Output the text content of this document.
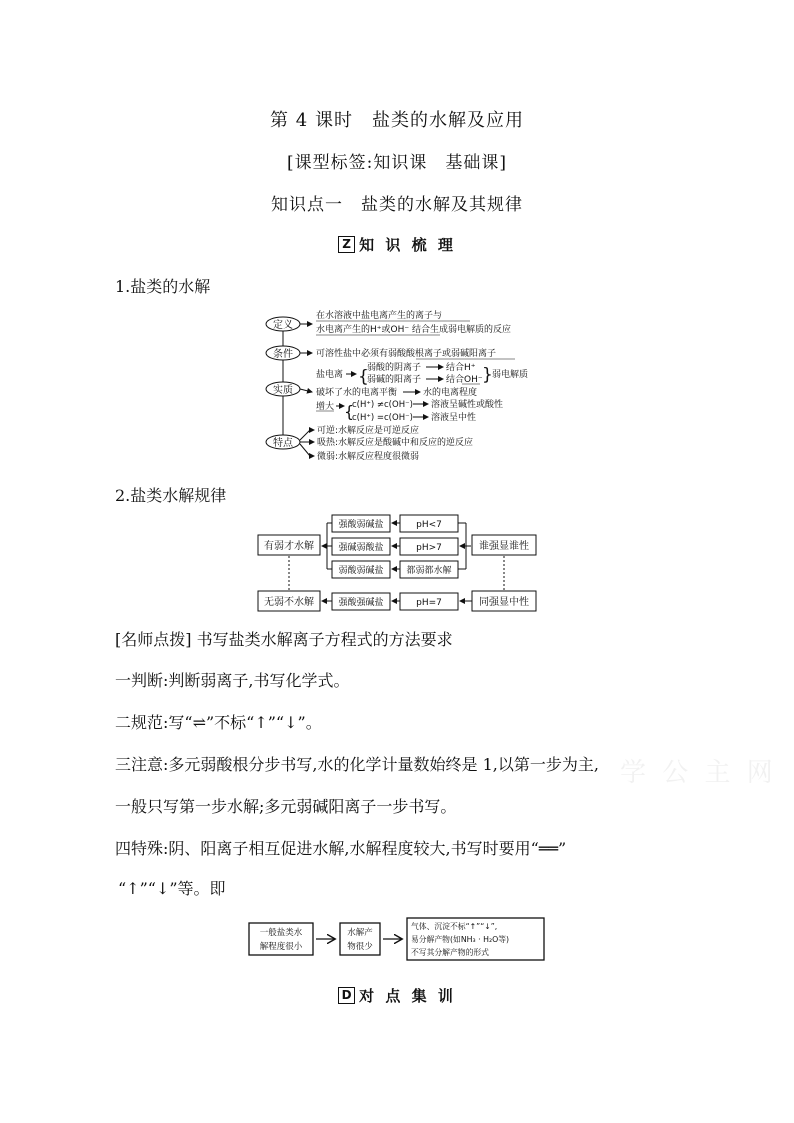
第 4 课时　盐类的水解及应用
[课型标签:知识课　基础课]
知识点一　盐类的水解及其规律
Z 知 识 梳 理
1.盐类的水解
定义
在水溶液中盐电离产生的离子与
水电离产生的H⁺或OH⁻ 结合生成弱电解质的反应
条件	可溶性盐中必须有弱酸酸根离子或弱碱阳离子
实质
盐电离 {
弱酸的阴离子	结合H⁺
弱碱的阳离子	结合OH⁻ } 弱电解质
破坏了水的电离平衡	水的电离程度
增大 {
c(H⁺) ≠c(OH⁻) 溶液呈碱性或酸性
c(H⁺) =c(OH⁻) 溶液呈中性
特点
可逆:水解反应是可逆反应
吸热:水解反应是酸碱中和反应的逆反应
微弱:水解反应程度很微弱
2.盐类水解规律
有弱才水解
无弱不水解
强酸弱碱盐
强碱弱酸盐
弱酸弱碱盐
强酸强碱盐
pH<7
pH>7
都弱都水解
pH=7
谁强显谁性
同强显中性
[名师点拨] 书写盐类水解离子方程式的方法要求
一判断:判断弱离子,书写化学式。
二规范:写“⇌”不标“↑”“↓”。
三注意:多元弱酸根分步书写,水的化学计量数始终是 1,以第一步为主,
一般只写第一步水解;多元弱碱阳离子一步书写。
四特殊:阴、阳离子相互促进水解,水解程度较大,书写时要用“══”
“↑”“↓”等。即
学 公 主 网
一般盐类水
解程度很小
水解产
物很少
气体、沉淀不标“↑”“↓”,
易分解产物(如NH₃ · H₂O等)
不写其分解产物的形式
D 对 点 集 训
